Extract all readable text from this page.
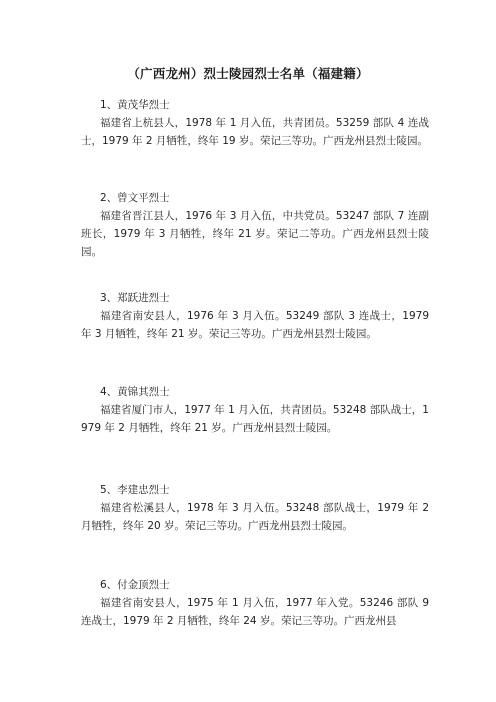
（广西龙州）烈士陵园烈士名单（福建籍）
1、黄茂华烈士

福建省上杭县人，1978 年 1 月入伍，共青团员。53259 部队 4 连战士，1979 年 2 月牺牲，终年 19 岁。荣记三等功。广西龙州县烈士陵园。

2、曾文平烈士

福建省晋江县人，1976 年 3 月入伍，中共党员。53247 部队 7 连副班长，1979 年 3 月牺牲，终年 21 岁。荣记二等功。广西龙州县烈士陵园。

3、郑跃进烈士

福建省南安县人，1976 年 3 月入伍。53249 部队 3 连战士，1979 年 3 月牺牲，终年 21 岁。荣记三等功。广西龙州县烈士陵园。

4、黄锦其烈士

福建省厦门市人，1977 年 1 月入伍，共青团员。53248 部队战士，1979 年 2 月牺牲，终年 21 岁。广西龙州县烈士陵园。

5、李建忠烈士

福建省松溪县人，1978 年 3 月入伍。53248 部队战士，1979 年 2 月牺牲，终年 20 岁。荣记三等功。广西龙州县烈士陵园。

6、付金顶烈士

福建省南安县人，1975 年 1 月入伍，1977 年入党。53246 部队 9 连战士，1979 年 2 月牺牲，终年 24 岁。荣记三等功。广西龙州县
